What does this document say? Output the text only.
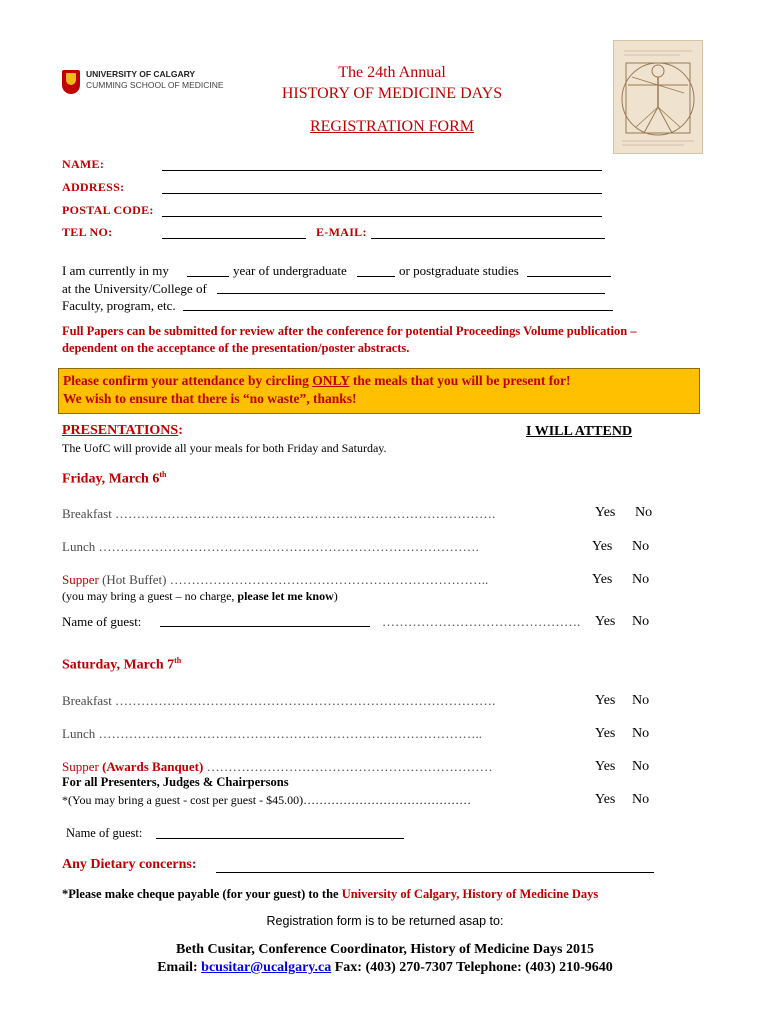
UNIVERSITY OF CALGARY
CUMMING SCHOOL OF MEDICINE
The 24th Annual
HISTORY OF MEDICINE DAYS
REGISTRATION FORM
NAME:
ADDRESS:
POSTAL CODE:
TEL NO:	E-MAIL:
I am currently in my	year of undergraduate	or postgraduate studies
at the University/College of
Faculty, program, etc.
Full Papers can be submitted for review after the conference for potential Proceedings Volume publication –
dependent on the acceptance of the presentation/poster abstracts.
Please confirm your attendance by circling ONLY the meals that you will be present for!
We wish to ensure that there is “no waste”, thanks!
PRESENTATIONS:	I WILL ATTEND
The UofC will provide all your meals for both Friday and Saturday.
Friday, March 6th
Breakfast …………………………………………………………………………….	Yes No
Lunch …………………………………………………………………………….	Yes No
Supper (Hot Buffet) ………………………………………………………………..	Yes No
(you may bring a guest – no charge, please let me know)
Name of guest:	………………………………………. Yes No
Saturday, March 7th
Breakfast …………………………………………………………………………….	Yes No
Lunch ……………………………………………………………………………..	Yes No
Supper (Awards Banquet) …………………………………………………………	Yes No
For all Presenters, Judges & Chairpersons
*(You may bring a guest - cost per guest - $45.00)……………………………………	Yes No
Name of guest:
Any Dietary concerns:
*Please make cheque payable (for your guest) to the University of Calgary, History of Medicine Days
Registration form is to be returned asap to:
Beth Cusitar, Conference Coordinator, History of Medicine Days 2015
Email: bcusitar@ucalgary.ca Fax: (403) 270-7307 Telephone: (403) 210-9640
